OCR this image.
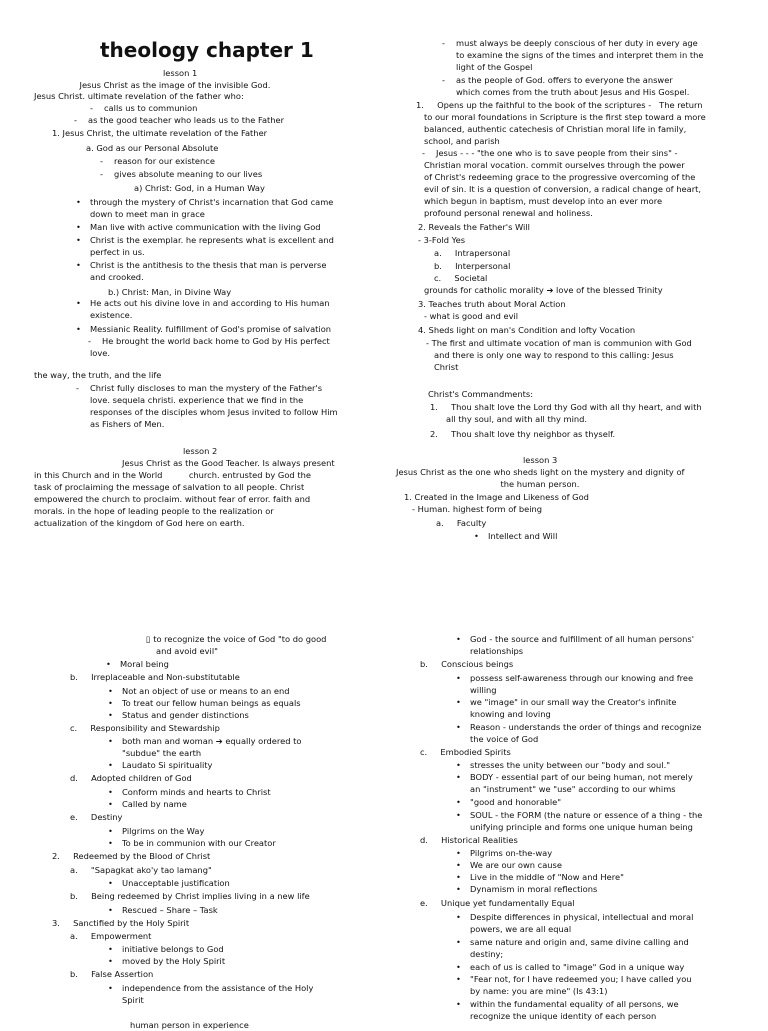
theology chapter 1
lesson 1
Jesus Christ as the image of the invisible God.
Jesus Christ. ultimate revelation of the father who:
- calls us to communion
- as the good teacher who leads us to the Father
1. Jesus Christ, the ultimate revelation of the Father
a. God as our Personal Absolute
- reason for our existence
- gives absolute meaning to our lives
a) Christ: God, in a Human Way
• through the mystery of Christ's incarnation that God came
down to meet man in grace
• Man live with active communication with the living God
• Christ is the exemplar. he represents what is excellent and
perfect in us.
• Christ is the antithesis to the thesis that man is perverse
and crooked.
b.) Christ: Man, in Divine Way
• He acts out his divine love in and according to His human
existence.
• Messianic Reality. fulfillment of God's promise of salvation
- He brought the world back home to God by His perfect
love.
the way, the truth, and the life
- Christ fully discloses to man the mystery of the Father's
love. sequela christi. experience that we find in the
responses of the disciples whom Jesus invited to follow Him
as Fishers of Men.
lesson 2
Jesus Christ as the Good Teacher. Is always present
in this Church and in the World          church. entrusted by God the
task of proclaiming the message of salvation to all people. Christ
empowered the church to proclaim. without fear of error. faith and
morals. in the hope of leading people to the realization or
actualization of the kingdom of God here on earth.
- must always be deeply conscious of her duty in every age
to examine the signs of the times and interpret them in the
light of the Gospel
- as the people of God. offers to everyone the answer
which comes from the truth about Jesus and His Gospel.
1.     Opens up the faithful to the book of the scriptures -   The return
to our moral foundations in Scripture is the first step toward a more
balanced, authentic catechesis of Christian moral life in family,
school, and parish
- Jesus - - - "the one who is to save people from their sins" -
Christian moral vocation. commit ourselves through the power
of Christ's redeeming grace to the progressive overcoming of the
evil of sin. It is a question of conversion, a radical change of heart,
which begun in baptism, must develop into an ever more
profound personal renewal and holiness.
2. Reveals the Father's Will
- 3-Fold Yes
a.     Intrapersonal
b.     Interpersonal
c.     Societal
grounds for catholic morality ➔ love of the blessed Trinity
3. Teaches truth about Moral Action
- what is good and evil
4. Sheds light on man's Condition and lofty Vocation
- The first and ultimate vocation of man is communion with God
and there is only one way to respond to this calling: Jesus
Christ
Christ's Commandments:
1.     Thou shalt love the Lord thy God with all thy heart, and with
all thy soul, and with all thy mind.
2.     Thou shalt love thy neighbor as thyself.
lesson 3
Jesus Christ as the one who sheds light on the mystery and dignity of
the human person.
1. Created in the Image and Likeness of God
- Human. highest form of being
a.     Faculty
• Intellect and Will
▯ to recognize the voice of God "to do good
and avoid evil"
• Moral being
b.     Irreplaceable and Non-substitutable
• Not an object of use or means to an end
• To treat our fellow human beings as equals
• Status and gender distinctions
c.     Responsibility and Stewardship
• both man and woman ➔ equally ordered to
"subdue" the earth
• Laudato Si spirituality
d.     Adopted children of God
• Conform minds and hearts to Christ
• Called by name
e.     Destiny
• Pilgrims on the Way
• To be in communion with our Creator
2.     Redeemed by the Blood of Christ
a.     "Sapagkat ako'y tao lamang"
• Unacceptable justification
b.     Being redeemed by Christ implies living in a new life
• Rescued – Share – Task
3.     Sanctified by the Holy Spirit
a.     Empowerment
• initiative belongs to God
• moved by the Holy Spirit
b.     False Assertion
• independence from the assistance of the Holy
Spirit
human person in experience
• God - the source and fulfillment of all human persons'
relationships
b.     Conscious beings
• possess self-awareness through our knowing and free
willing
• we "image" in our small way the Creator's infinite
knowing and loving
• Reason - understands the order of things and recognize
the voice of God
c.     Embodied Spirits
• stresses the unity between our "body and soul."
• BODY - essential part of our being human, not merely
an "instrument" we "use" according to our whims
• "good and honorable"
• SOUL - the FORM (the nature or essence of a thing - the
unifying principle and forms one unique human being
d.     Historical Realities
• Pilgrims on-the-way
• We are our own cause
• Live in the middle of "Now and Here"
• Dynamism in moral reflections
e.     Unique yet fundamentally Equal
• Despite differences in physical, intellectual and moral
powers, we are all equal
• same nature and origin and, same divine calling and
destiny;
• each of us is called to "image" God in a unique way
• "Fear not, for I have redeemed you; I have called you
by name: you are mine" (Is 43:1)
• within the fundamental equality of all persons, we
recognize the unique identity of each person
